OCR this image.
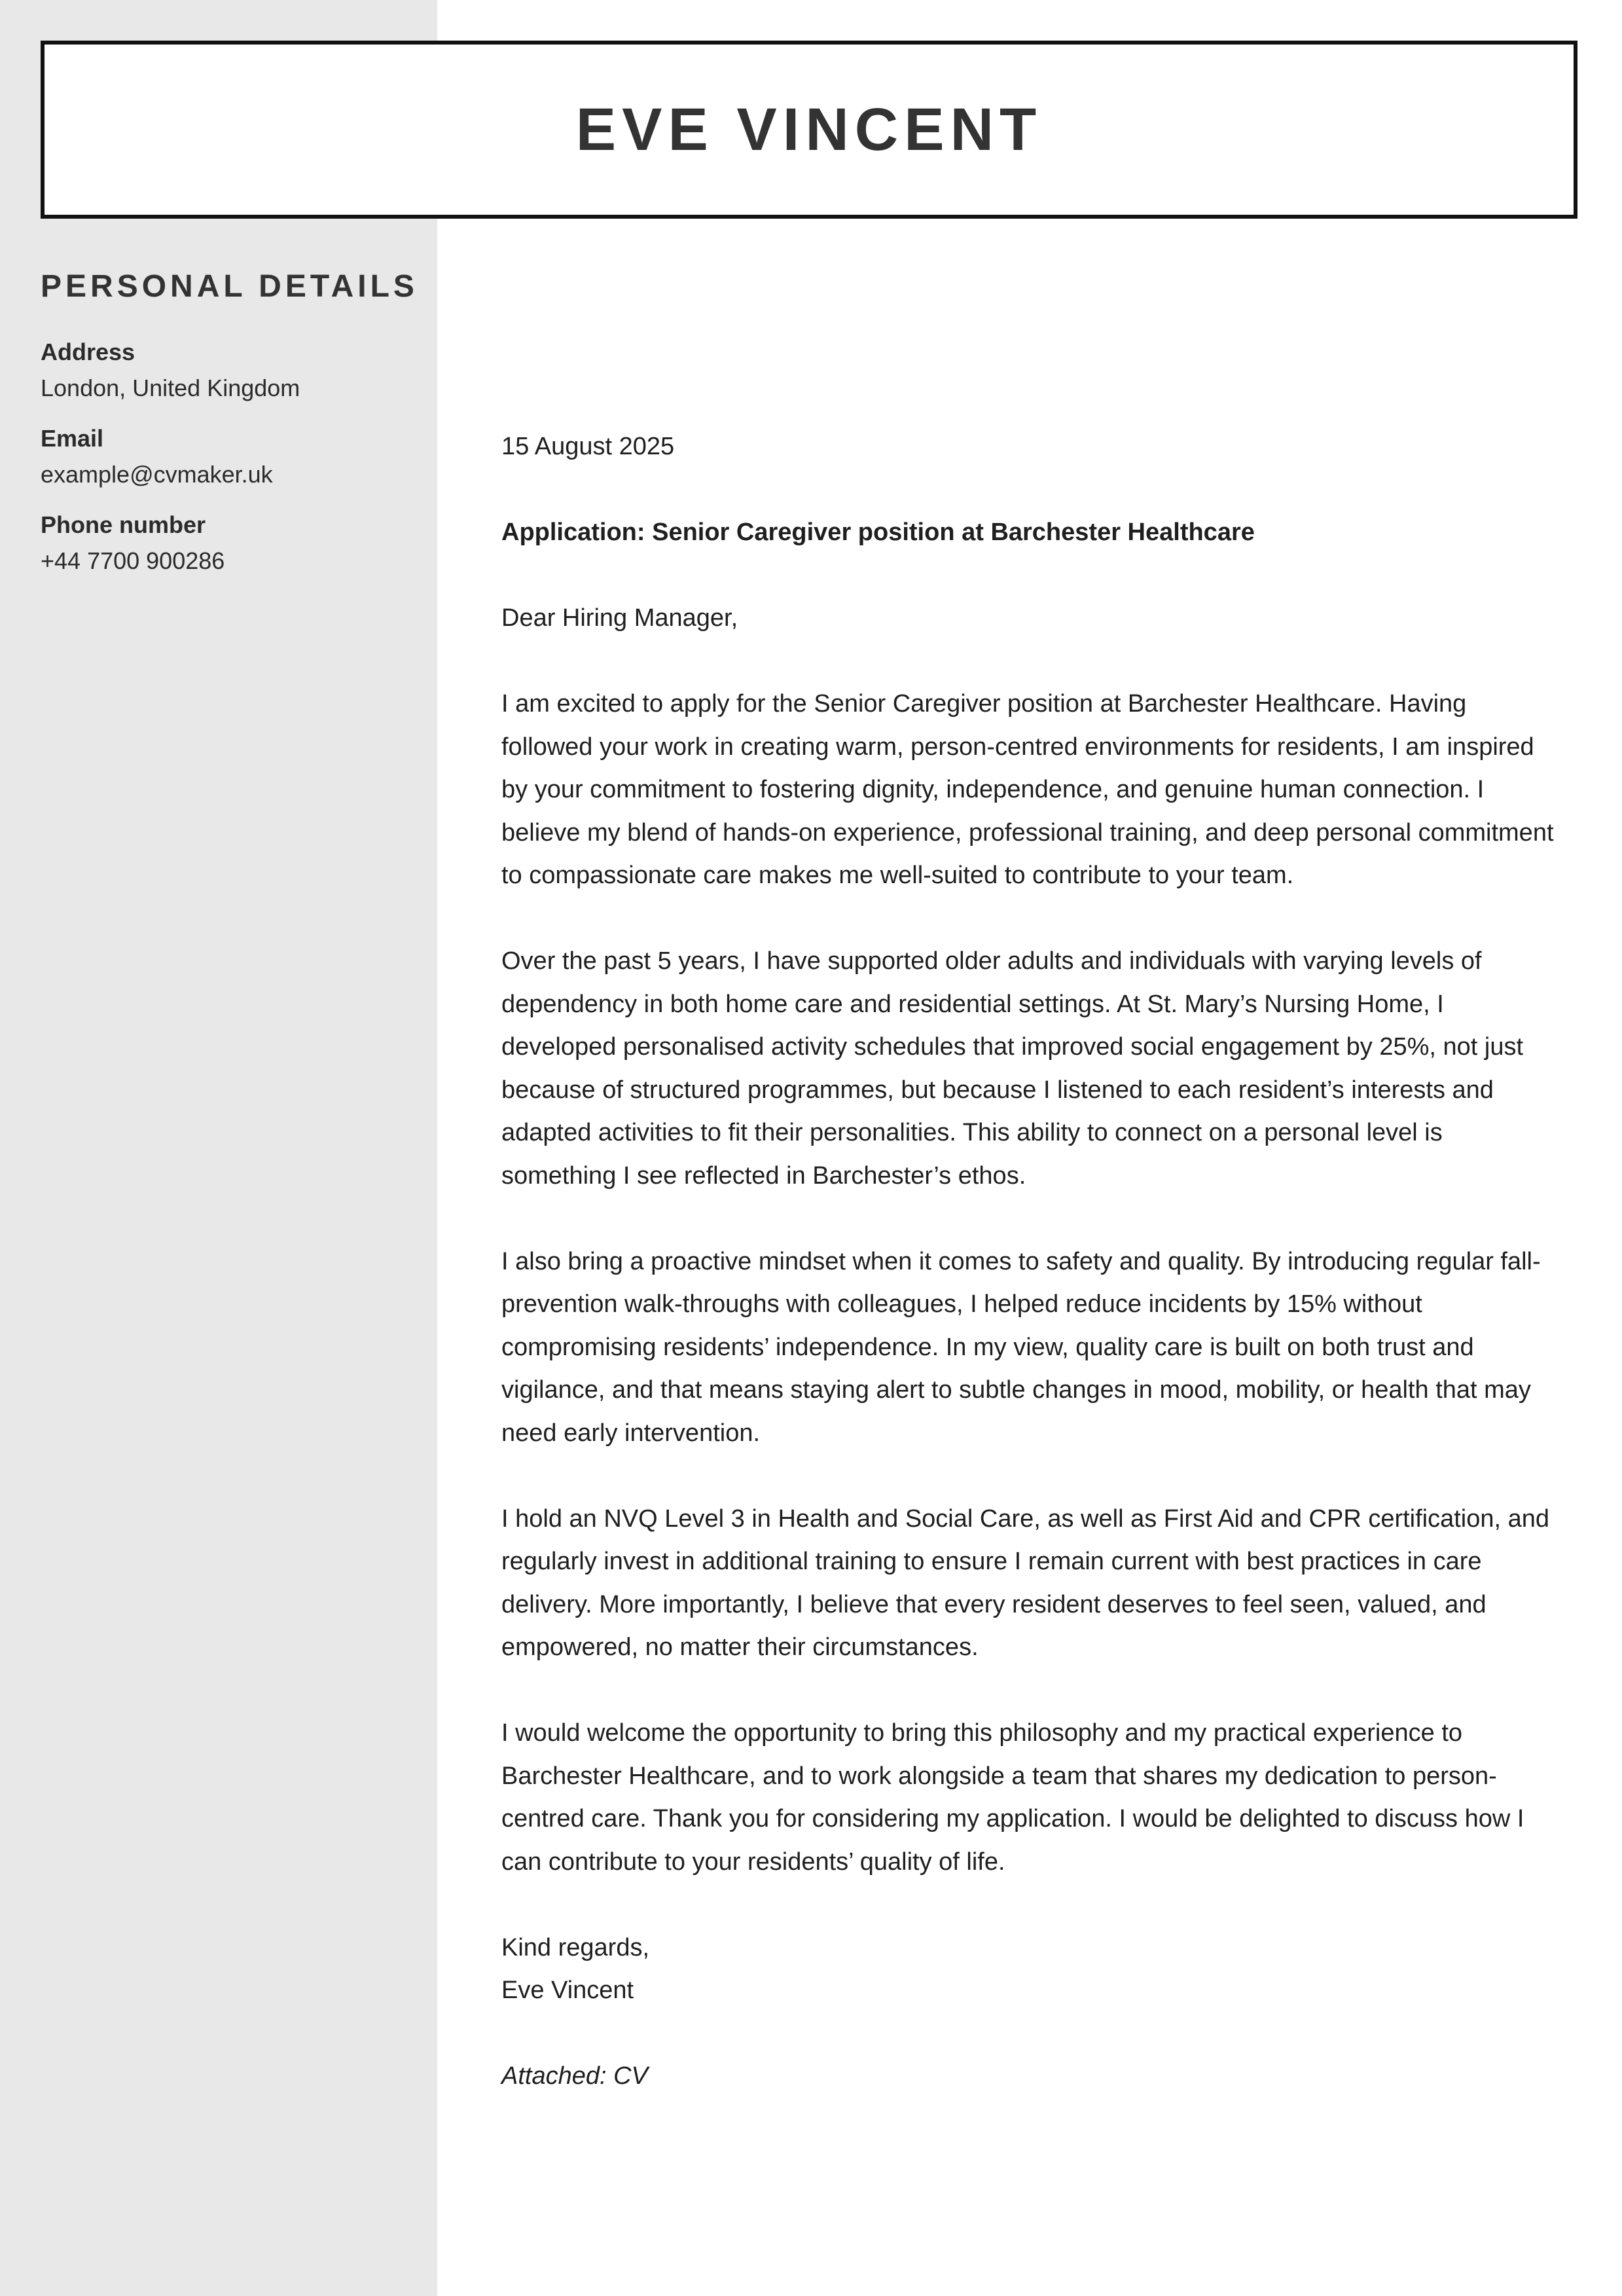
EVE VINCENT
PERSONAL DETAILS
Address
London, United Kingdom
Email
example@cvmaker.uk
Phone number
+44 7700 900286

15 August 2025

Application: Senior Caregiver position at Barchester Healthcare

Dear Hiring Manager,

I am excited to apply for the Senior Caregiver position at Barchester Healthcare. Having followed your work in creating warm, person-centred environments for residents, I am inspired by your commitment to fostering dignity, independence, and genuine human connection. I believe my blend of hands-on experience, professional training, and deep personal commitment to compassionate care makes me well-suited to contribute to your team.

Over the past 5 years, I have supported older adults and individuals with varying levels of dependency in both home care and residential settings. At St. Mary’s Nursing Home, I developed personalised activity schedules that improved social engagement by 25%, not just because of structured programmes, but because I listened to each resident’s interests and adapted activities to fit their personalities. This ability to connect on a personal level is something I see reflected in Barchester’s ethos.

I also bring a proactive mindset when it comes to safety and quality. By introducing regular fall-prevention walk-throughs with colleagues, I helped reduce incidents by 15% without compromising residents’ independence. In my view, quality care is built on both trust and vigilance, and that means staying alert to subtle changes in mood, mobility, or health that may need early intervention.

I hold an NVQ Level 3 in Health and Social Care, as well as First Aid and CPR certification, and regularly invest in additional training to ensure I remain current with best practices in care delivery. More importantly, I believe that every resident deserves to feel seen, valued, and empowered, no matter their circumstances.

I would welcome the opportunity to bring this philosophy and my practical experience to Barchester Healthcare, and to work alongside a team that shares my dedication to person-centred care. Thank you for considering my application. I would be delighted to discuss how I can contribute to your residents’ quality of life.

Kind regards,
Eve Vincent

Attached: CV
